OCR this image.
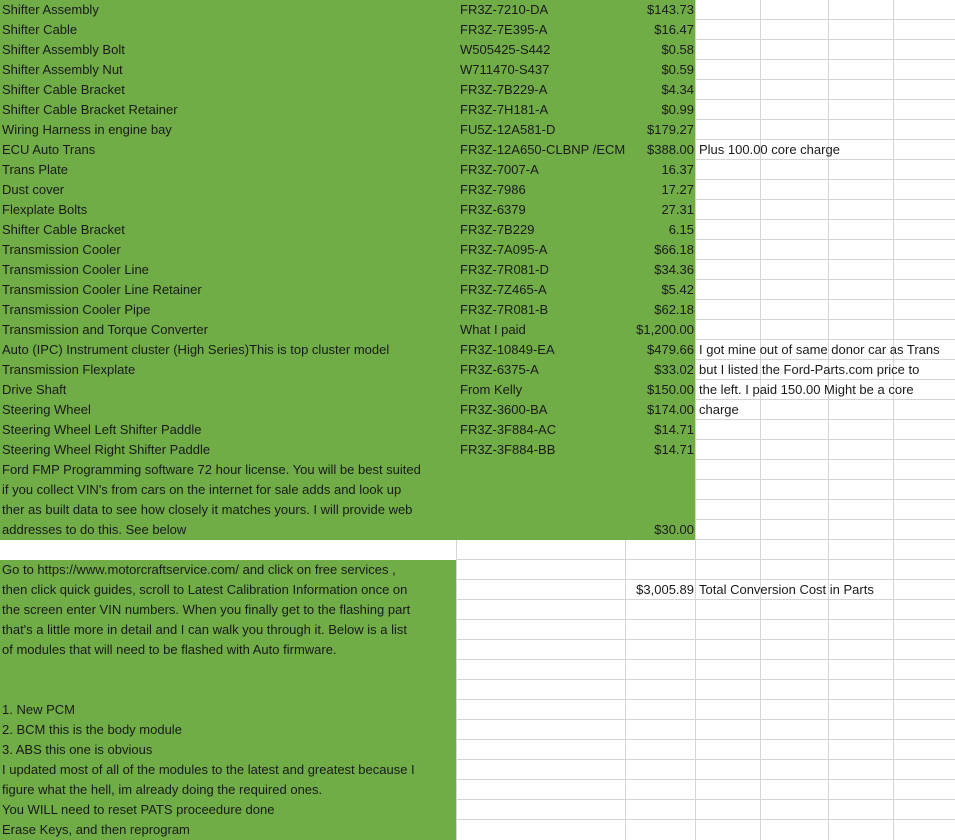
Shifter Assembly	FR3Z-7210-DA	$143.73
Shifter Cable	FR3Z-7E395-A	$16.47
Shifter Assembly Bolt	W505425-S442	$0.58
Shifter Assembly Nut	W711470-S437	$0.59
Shifter Cable Bracket	FR3Z-7B229-A	$4.34
Shifter Cable Bracket Retainer	FR3Z-7H181-A	$0.99
Wiring Harness in engine bay	FU5Z-12A581-D	$179.27
ECU Auto Trans	FR3Z-12A650-CLBNP /ECM	$388.00 Plus 100.00 core charge
Trans Plate	FR3Z-7007-A	16.37
Dust cover	FR3Z-7986	17.27
Flexplate Bolts	FR3Z-6379	27.31
Shifter Cable Bracket	FR3Z-7B229	6.15
Transmission Cooler	FR3Z-7A095-A	$66.18
Transmission Cooler Line	FR3Z-7R081-D	$34.36
Transmission Cooler Line Retainer	FR3Z-7Z465-A	$5.42
Transmission Cooler Pipe	FR3Z-7R081-B	$62.18
Transmission and Torque Converter	What I paid	$1,200.00
Auto (IPC) Instrument cluster (High Series)This is top cluster model	FR3Z-10849-EA	$479.66 I got mine out of same donor car as Trans
Transmission Flexplate	FR3Z-6375-A	$33.02 but I listed the Ford-Parts.com price to
Drive Shaft	From Kelly	$150.00 the left. I paid 150.00 Might be a core
Steering Wheel	FR3Z-3600-BA	$174.00 charge
Steering Wheel Left Shifter Paddle	FR3Z-3F884-AC	$14.71
Steering Wheel Right Shifter Paddle	FR3Z-3F884-BB	$14.71
Ford FMP Programming software 72 hour license. You will be best suited
if you collect VIN's from cars on the internet for sale adds and look up
ther as built data to see how closely it matches yours. I will provide web
addresses to do this. See below	$30.00
$3,005.89 Total Conversion Cost in Parts
Go to https://www.motorcraftservice.com/ and click on free services ,
then click quick guides, scroll to Latest Calibration Information once on
the screen enter VIN numbers. When you finally get to the flashing part
that's a little more in detail and I can walk you through it. Below is a list
of modules that will need to be flashed with Auto firmware.
1. New PCM
2. BCM this is the body module
3. ABS this one is obvious
I updated most of all of the modules to the latest and greatest because I
figure what the hell, im already doing the required ones.
You WILL need to reset PATS proceedure done
Erase Keys, and then reprogram
